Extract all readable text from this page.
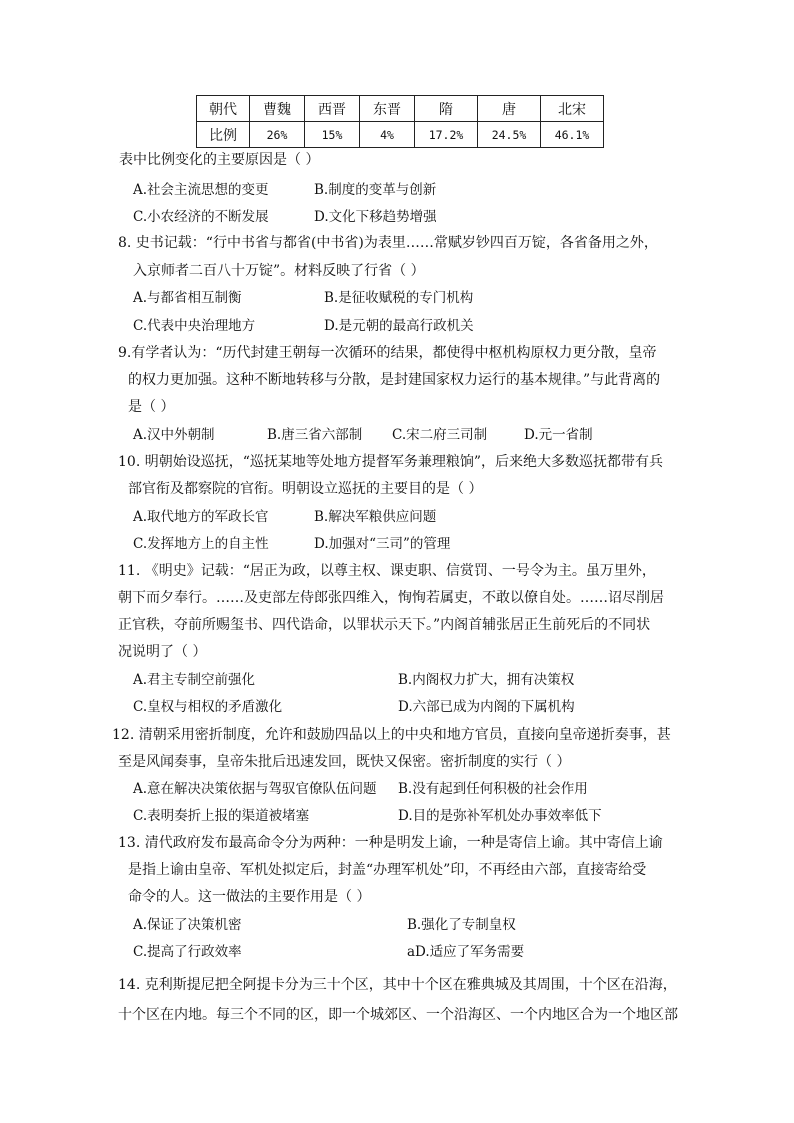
朝代	曹魏	西晋	东晋	隋	唐	北宋
比例	26%	15%	4%	17.2%	24.5%	46.1%
表中比例变化的主要原因是（ ）
A.社会主流思想的变更	B.制度的变革与创新
C.小农经济的不断发展	D.文化下移趋势增强
8. 史书记载：“行中书省与都省(中书省)为表里……常赋岁钞四百万锭，各省备用之外，
入京师者二百八十万锭”。材料反映了行省（ ）
A.与都省相互制衡	B.是征收赋税的专门机构
C.代表中央治理地方	D.是元朝的最高行政机关
9.有学者认为：“历代封建王朝每一次循环的结果，都使得中枢机构原权力更分散，皇帝
的权力更加强。这种不断地转移与分散，是封建国家权力运行的基本规律。”与此背离的
是（ ）
A.汉中外朝制	B.唐三省六部制 C.宋二府三司制	D.元一省制
10. 明朝始设巡抚，“巡抚某地等处地方提督军务兼理粮饷”，后来绝大多数巡抚都带有兵
部官衔及都察院的官衔。明朝设立巡抚的主要目的是（ ）
A.取代地方的军政长官	B.解决军粮供应问题
C.发挥地方上的自主性	D.加强对“三司”的管理
11. 《明史》记载：“居正为政，以尊主权、课吏职、信赏罚、一号令为主。虽万里外，
朝下而夕奉行。……及吏部左侍郎张四维入，恂恂若属吏，不敢以僚自处。……诏尽削居
正官秩，夺前所赐玺书、四代诰命，以罪状示天下。”内阁首辅张居正生前死后的不同状
况说明了（ ）
A.君主专制空前强化	B.内阁权力扩大，拥有决策权
C.皇权与相权的矛盾激化	D.六部已成为内阁的下属机构
12. 清朝采用密折制度，允许和鼓励四品以上的中央和地方官员，直接向皇帝递折奏事，甚
至是风闻奏事，皇帝朱批后迅速发回，既快又保密。密折制度的实行（ ）
A.意在解决决策依据与驾驭官僚队伍问题 B.没有起到任何积极的社会作用
C.表明奏折上报的渠道被堵塞	D.目的是弥补军机处办事效率低下
13. 清代政府发布最高命令分为两种：一种是明发上谕，一种是寄信上谕。其中寄信上谕
是指上谕由皇帝、军机处拟定后，封盖“办理军机处”印，不再经由六部，直接寄给受
命令的人。这一做法的主要作用是（ ）
A.保证了决策机密	B.强化了专制皇权
C.提高了行政效率	aD.适应了军务需要
14. 克利斯提尼把全阿提卡分为三十个区，其中十个区在雅典城及其周围，十个区在沿海，
十个区在内地。每三个不同的区，即一个城郊区、一个沿海区、一个内地区合为一个地区部
